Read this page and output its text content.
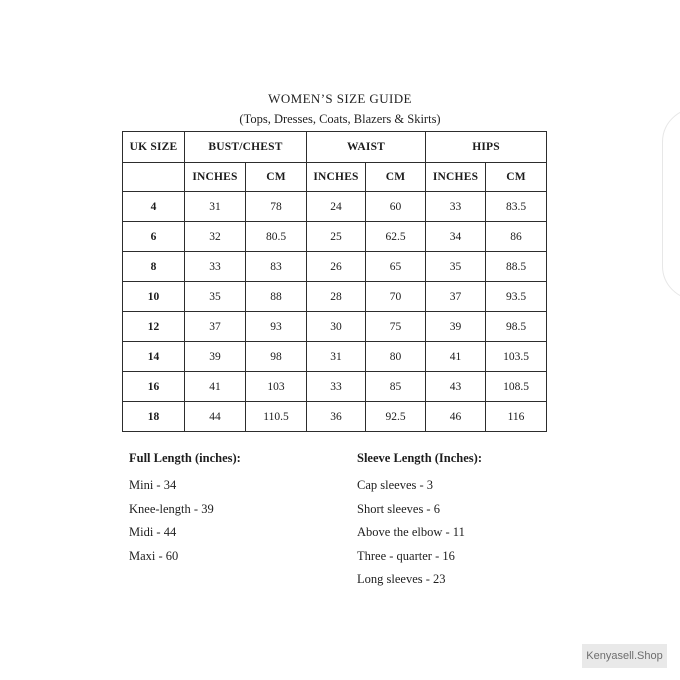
WOMEN’S SIZE GUIDE
(Tops, Dresses, Coats, Blazers & Skirts)
UK SIZE	BUST/CHEST		WAIST		HIPS	
	INCHES	CM	INCHES	CM	INCHES	CM
4	31	78	24	60	33	83.5
6	32	80.5	25	62.5	34	86
8	33	83	26	65	35	88.5
10	35	88	28	70	37	93.5
12	37	93	30	75	39	98.5
14	39	98	31	80	41	103.5
16	41	103	33	85	43	108.5
18	44	110.5	36	92.5	46	116
Full Length (inches):
Mini - 34
Knee-length - 39
Midi - 44
Maxi - 60
Sleeve Length (Inches):
Cap sleeves - 3
Short sleeves - 6
Above the elbow - 11
Three - quarter - 16
Long sleeves - 23
Kenyasell.Shop
